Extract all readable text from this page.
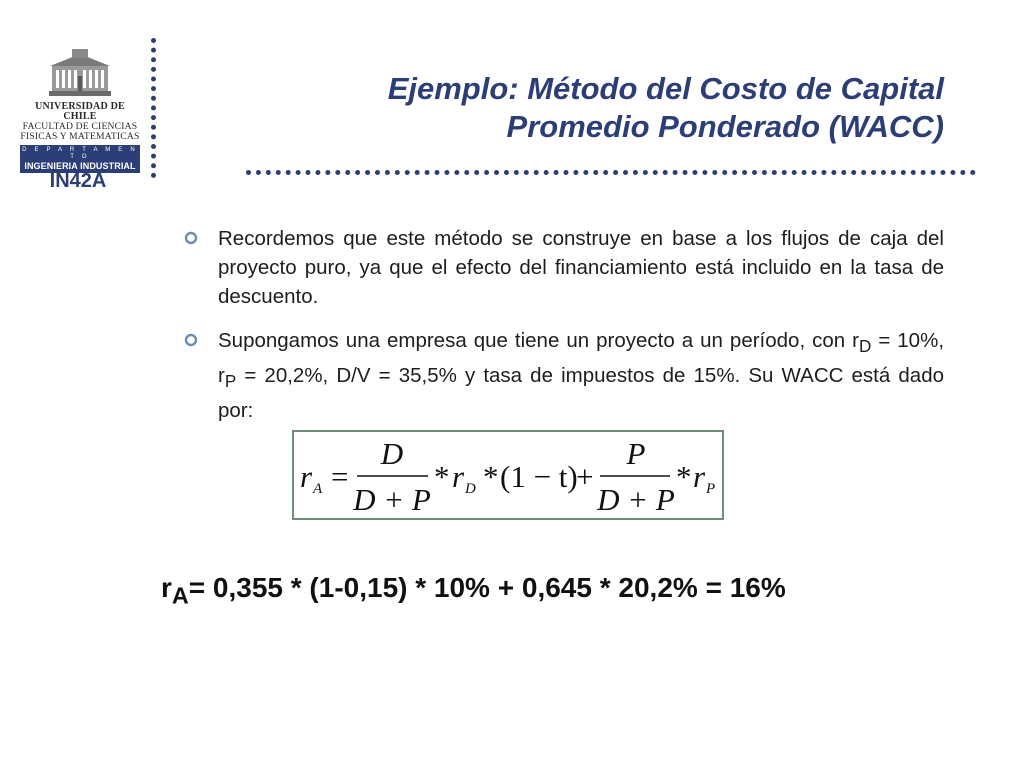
UNIVERSIDAD DE CHILE
FACULTAD DE CIENCIAS
FISICAS Y MATEMATICAS
D E P A R T A M E N T O
INGENIERIA INDUSTRIAL
IN42A
Ejemplo: Método del Costo de Capital
Promedio Ponderado (WACC)
Recordemos que este método se construye en base a los flujos de caja del proyecto puro, ya que el efecto del financiamiento está incluido en la tasa de descuento.
Supongamos una empresa que tiene un proyecto a un período, con $r_D = 10\%$, $r_P = 20,2\%$, D/V = 35,5% y tasa de impuestos de 15%. Su WACC está dado por:
r A =
D
D + P
* r D * (1 − t)
+
P
D + P
* r P
$r_A= 0,355 * (1-0,15) * 10\% + 0,645 * 20,2\% = 16\%$
